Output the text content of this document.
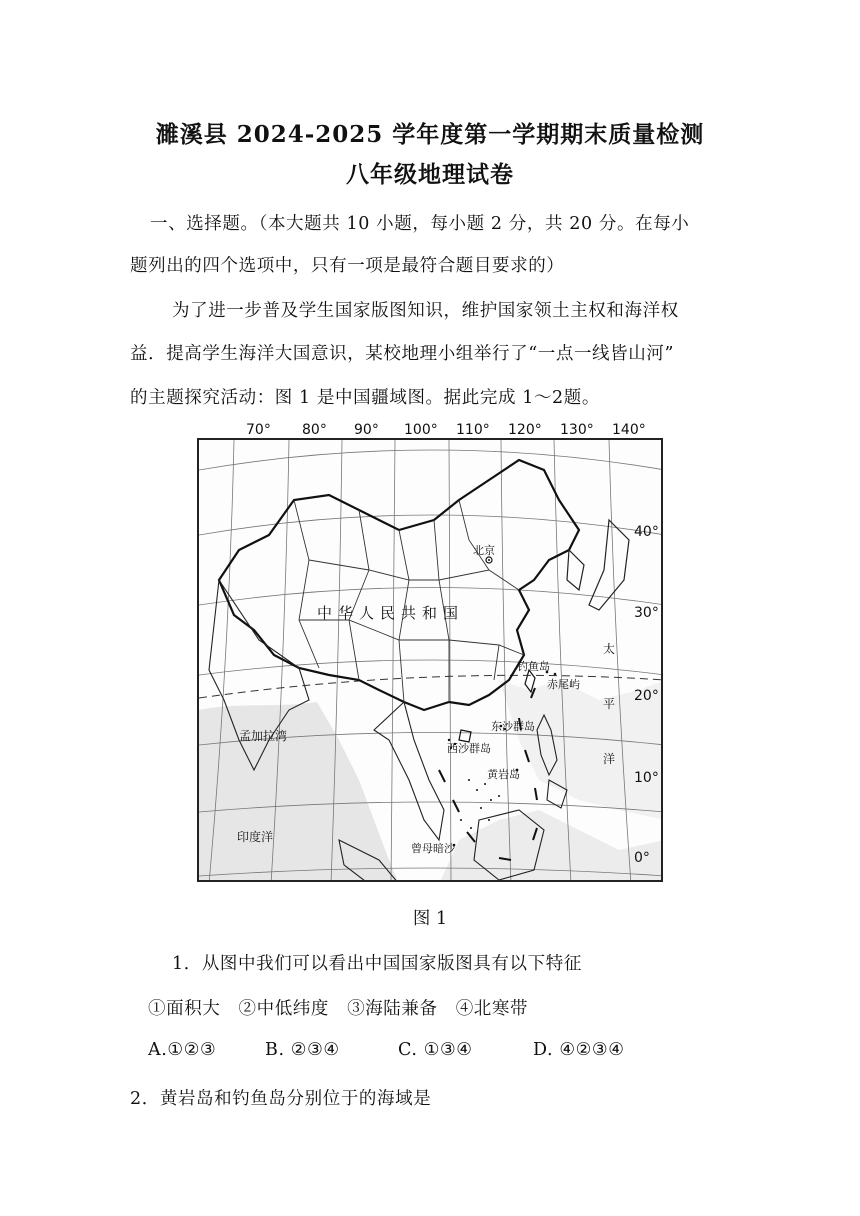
濉溪县 2024-2025 学年度第一学期期末质量检测
八年级地理试卷
一、选择题。（本大题共 10 小题，每小题 2 分，共 20 分。在每小
题列出的四个选项中，只有一项是最符合题目要求的）
为了进一步普及学生国家版图知识，维护国家领土主权和海洋权
益．提高学生海洋大国意识，某校地理小组举行了“一点一线皆山河”
的主题探究活动：图 1 是中国疆域图。据此完成 1～2题。
70° 80° 90° 100° 110° 120° 130° 140°
北京
中华人民共和国
钓鱼岛
赤尾屿
东沙群岛
西沙群岛
黄岩岛
曾母暗沙
孟加拉湾
印度洋
太
平
洋
40°
30°
20°
10°
0°
图 1
1．从图中我们可以看出中国国家版图具有以下特征
①面积大　②中低纬度　③海陆兼备　④北寒带
A.①②③	B. ②③④	C. ①③④	D. ④②③④
2．黄岩岛和钓鱼岛分别位于的海域是
